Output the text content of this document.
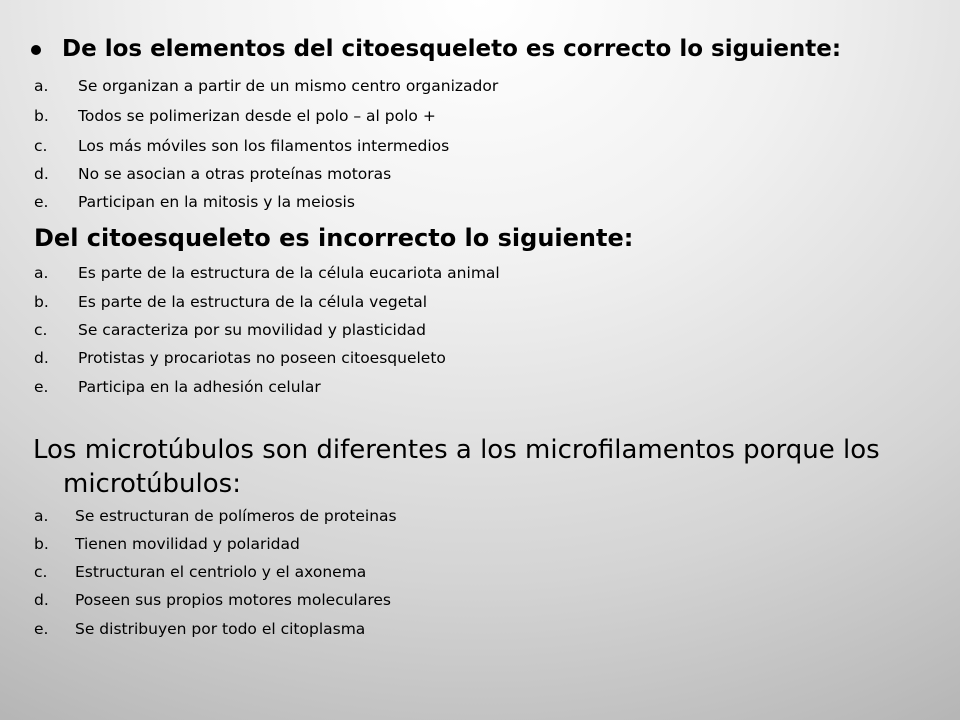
De los elementos del citoesqueleto es correcto lo siguiente:
a. Se organizan a partir de un mismo centro organizador
b. Todos se polimerizan desde el polo – al polo +
c. Los más móviles son los filamentos intermedios
d. No se asocian a otras proteínas motoras
e. Participan en la mitosis y la meiosis
Del citoesqueleto es incorrecto lo siguiente:
a. Es parte de la estructura de la célula eucariota animal
b. Es parte de la estructura de la célula vegetal
c. Se caracteriza por su movilidad y plasticidad
d. Protistas y procariotas no poseen citoesqueleto
e. Participa en la adhesión celular
Los microtúbulos son diferentes a los microfilamentos porque los
microtúbulos:
a. Se estructuran de polímeros de proteinas
b. Tienen movilidad y polaridad
c. Estructuran el centriolo y el axonema
d. Poseen sus propios motores moleculares
e. Se distribuyen por todo el citoplasma
